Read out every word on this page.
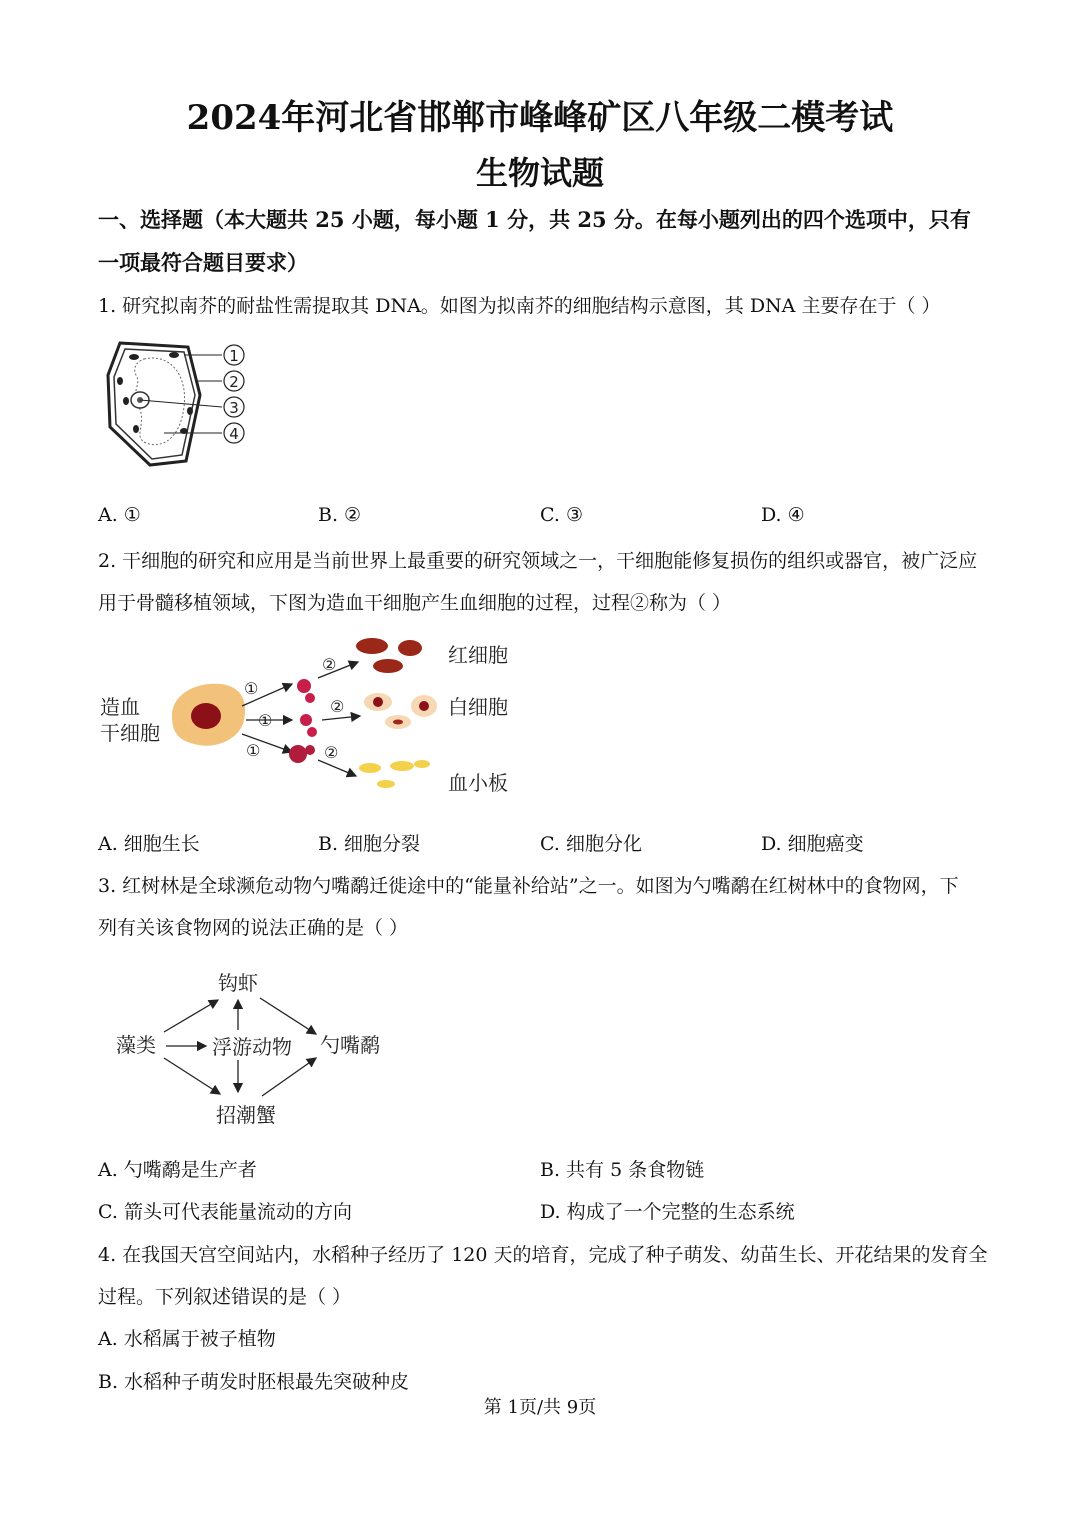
2024年河北省邯郸市峰峰矿区八年级二模考试
生物试题
一、选择题（本大题共 25 小题，每小题 1 分，共 25 分。在每小题列出的四个选项中，只有
一项最符合题目要求）
1. 研究拟南芥的耐盐性需提取其 DNA。如图为拟南芥的细胞结构示意图，其 DNA 主要存在于（ ）
1
2
3
4
A. ①	B. ②	C. ③	D. ④
2. 干细胞的研究和应用是当前世界上最重要的研究领域之一，干细胞能修复损伤的组织或器官，被广泛应
用于骨髓移植领域，下图为造血干细胞产生血细胞的过程，过程②称为（ ）
造血
干细胞
①
①
①
②
②
②
红细胞
白细胞
血小板
A. 细胞生长	B. 细胞分裂	C. 细胞分化	D. 细胞癌变
3. 红树林是全球濒危动物勺嘴鹬迁徙途中的“能量补给站”之一。如图为勺嘴鹬在红树林中的食物网，下
列有关该食物网的说法正确的是（ ）
钩虾
藻类	浮游动物 勺嘴鹬
招潮蟹
A. 勺嘴鹬是生产者	B. 共有 5 条食物链
C. 箭头可代表能量流动的方向	D. 构成了一个完整的生态系统
4. 在我国天宫空间站内，水稻种子经历了 120 天的培育，完成了种子萌发、幼苗生长、开花结果的发育全
过程。下列叙述错误的是（ ）
A. 水稻属于被子植物
B. 水稻种子萌发时胚根最先突破种皮
第 1页/共 9页
